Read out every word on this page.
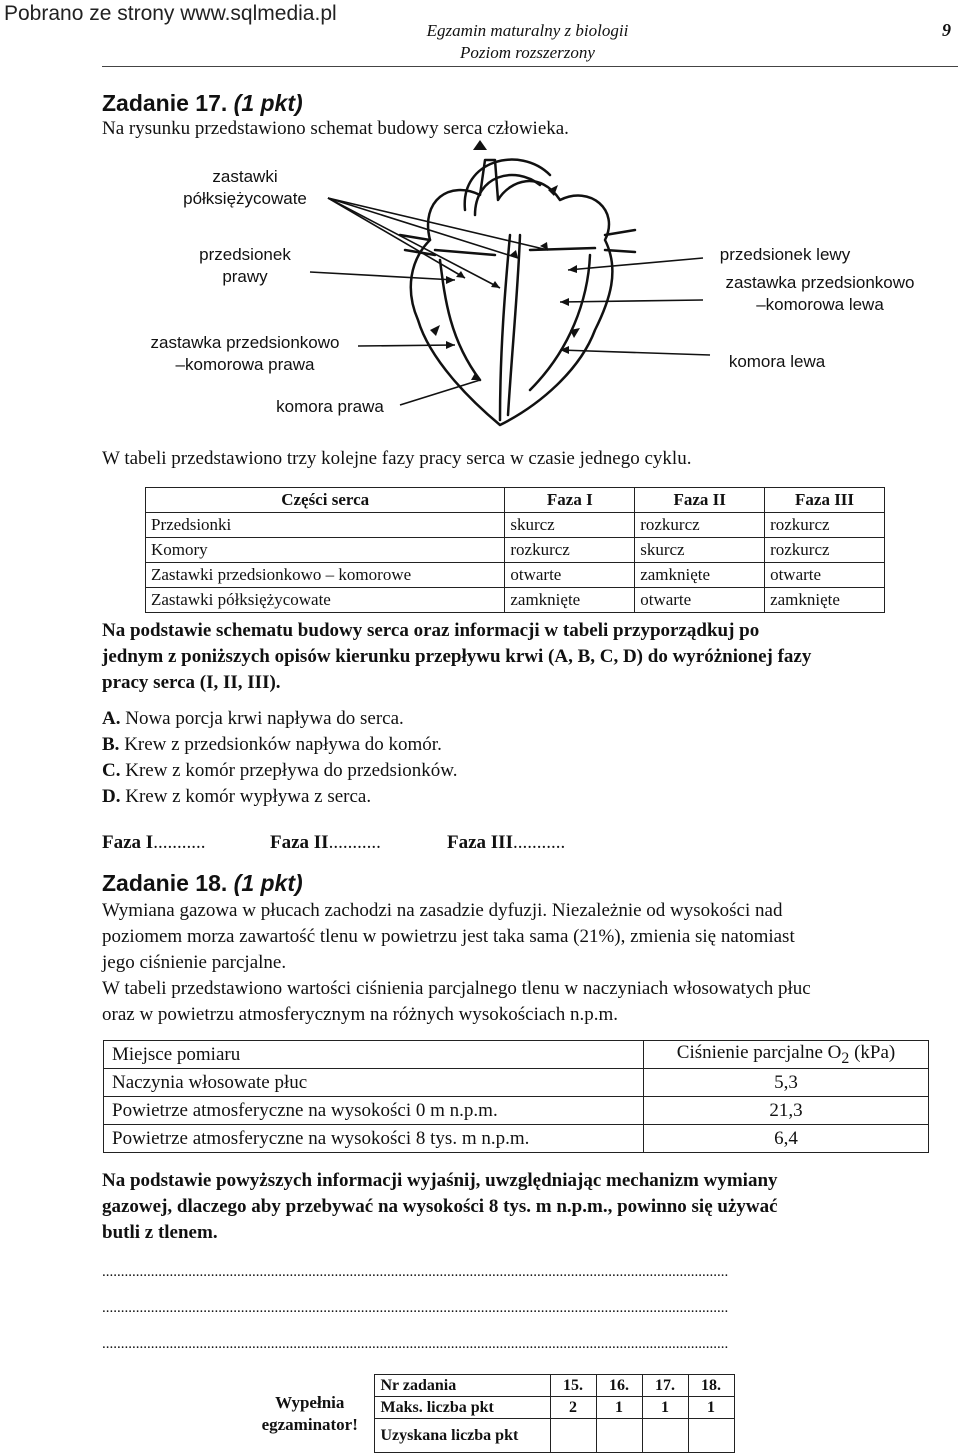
Pobrano ze strony www.sqlmedia.pl
Egzamin maturalny z biologii
Poziom rozszerzony
9
Zadanie 17. (1 pkt)
Na rysunku przedstawiono schemat budowy serca człowieka.
zastawki
półksiężycowate
przedsionek
prawy
zastawka przedsionkowo
–komorowa prawa
komora prawa
przedsionek lewy
zastawka przedsionkowo
–komorowa lewa
komora lewa
W tabeli przedstawiono trzy kolejne fazy pracy serca w czasie jednego cyklu.
Części serca	Faza I	Faza II	Faza III
Przedsionki	skurcz	rozkurcz	rozkurcz
Komory	rozkurcz	skurcz	rozkurcz
Zastawki przedsionkowo – komorowe	otwarte	zamknięte	otwarte
Zastawki półksiężycowate	zamknięte	otwarte	zamknięte
Na podstawie schematu budowy serca oraz informacji w tabeli przyporządkuj po
jednym z poniższych opisów kierunku przepływu krwi (A, B, C, D) do wyróżnionej fazy
pracy serca (I, II, III).
A. Nowa porcja krwi napływa do serca.
B. Krew z przedsionków napływa do komór.
C. Krew z komór przepływa do przedsionków.
D. Krew z komór wypływa z serca.
Faza I...........	Faza II...........	Faza III...........
Zadanie 18. (1 pkt)
Wymiana gazowa w płucach zachodzi na zasadzie dyfuzji. Niezależnie od wysokości nad
poziomem morza zawartość tlenu w powietrzu jest taka sama (21%), zmienia się natomiast
jego ciśnienie parcjalne.
W tabeli przedstawiono wartości ciśnienia parcjalnego tlenu w naczyniach włosowatych płuc
oraz w powietrzu atmosferycznym na różnych wysokościach n.p.m.
Miejsce pomiaru	Ciśnienie parcjalne $O_2$ (kPa)
Naczynia włosowate płuc	5,3
Powietrze atmosferyczne na wysokości 0 m n.p.m.	21,3
Powietrze atmosferyczne na wysokości 8 tys. m n.p.m.	6,4
Na podstawie powyższych informacji wyjaśnij, uwzględniając mechanizm wymiany
gazowej, dlaczego aby przebywać na wysokości 8 tys. m n.p.m., powinno się używać
butli z tlenem.
.......................................................................................................................................................................
.......................................................................................................................................................................
.......................................................................................................................................................................
Wypełnia
egzaminator!	Nr zadania	15.	16.	17.	18.
	Maks. liczba pkt	2	1	1	1
	Uzyskana liczba pkt				
